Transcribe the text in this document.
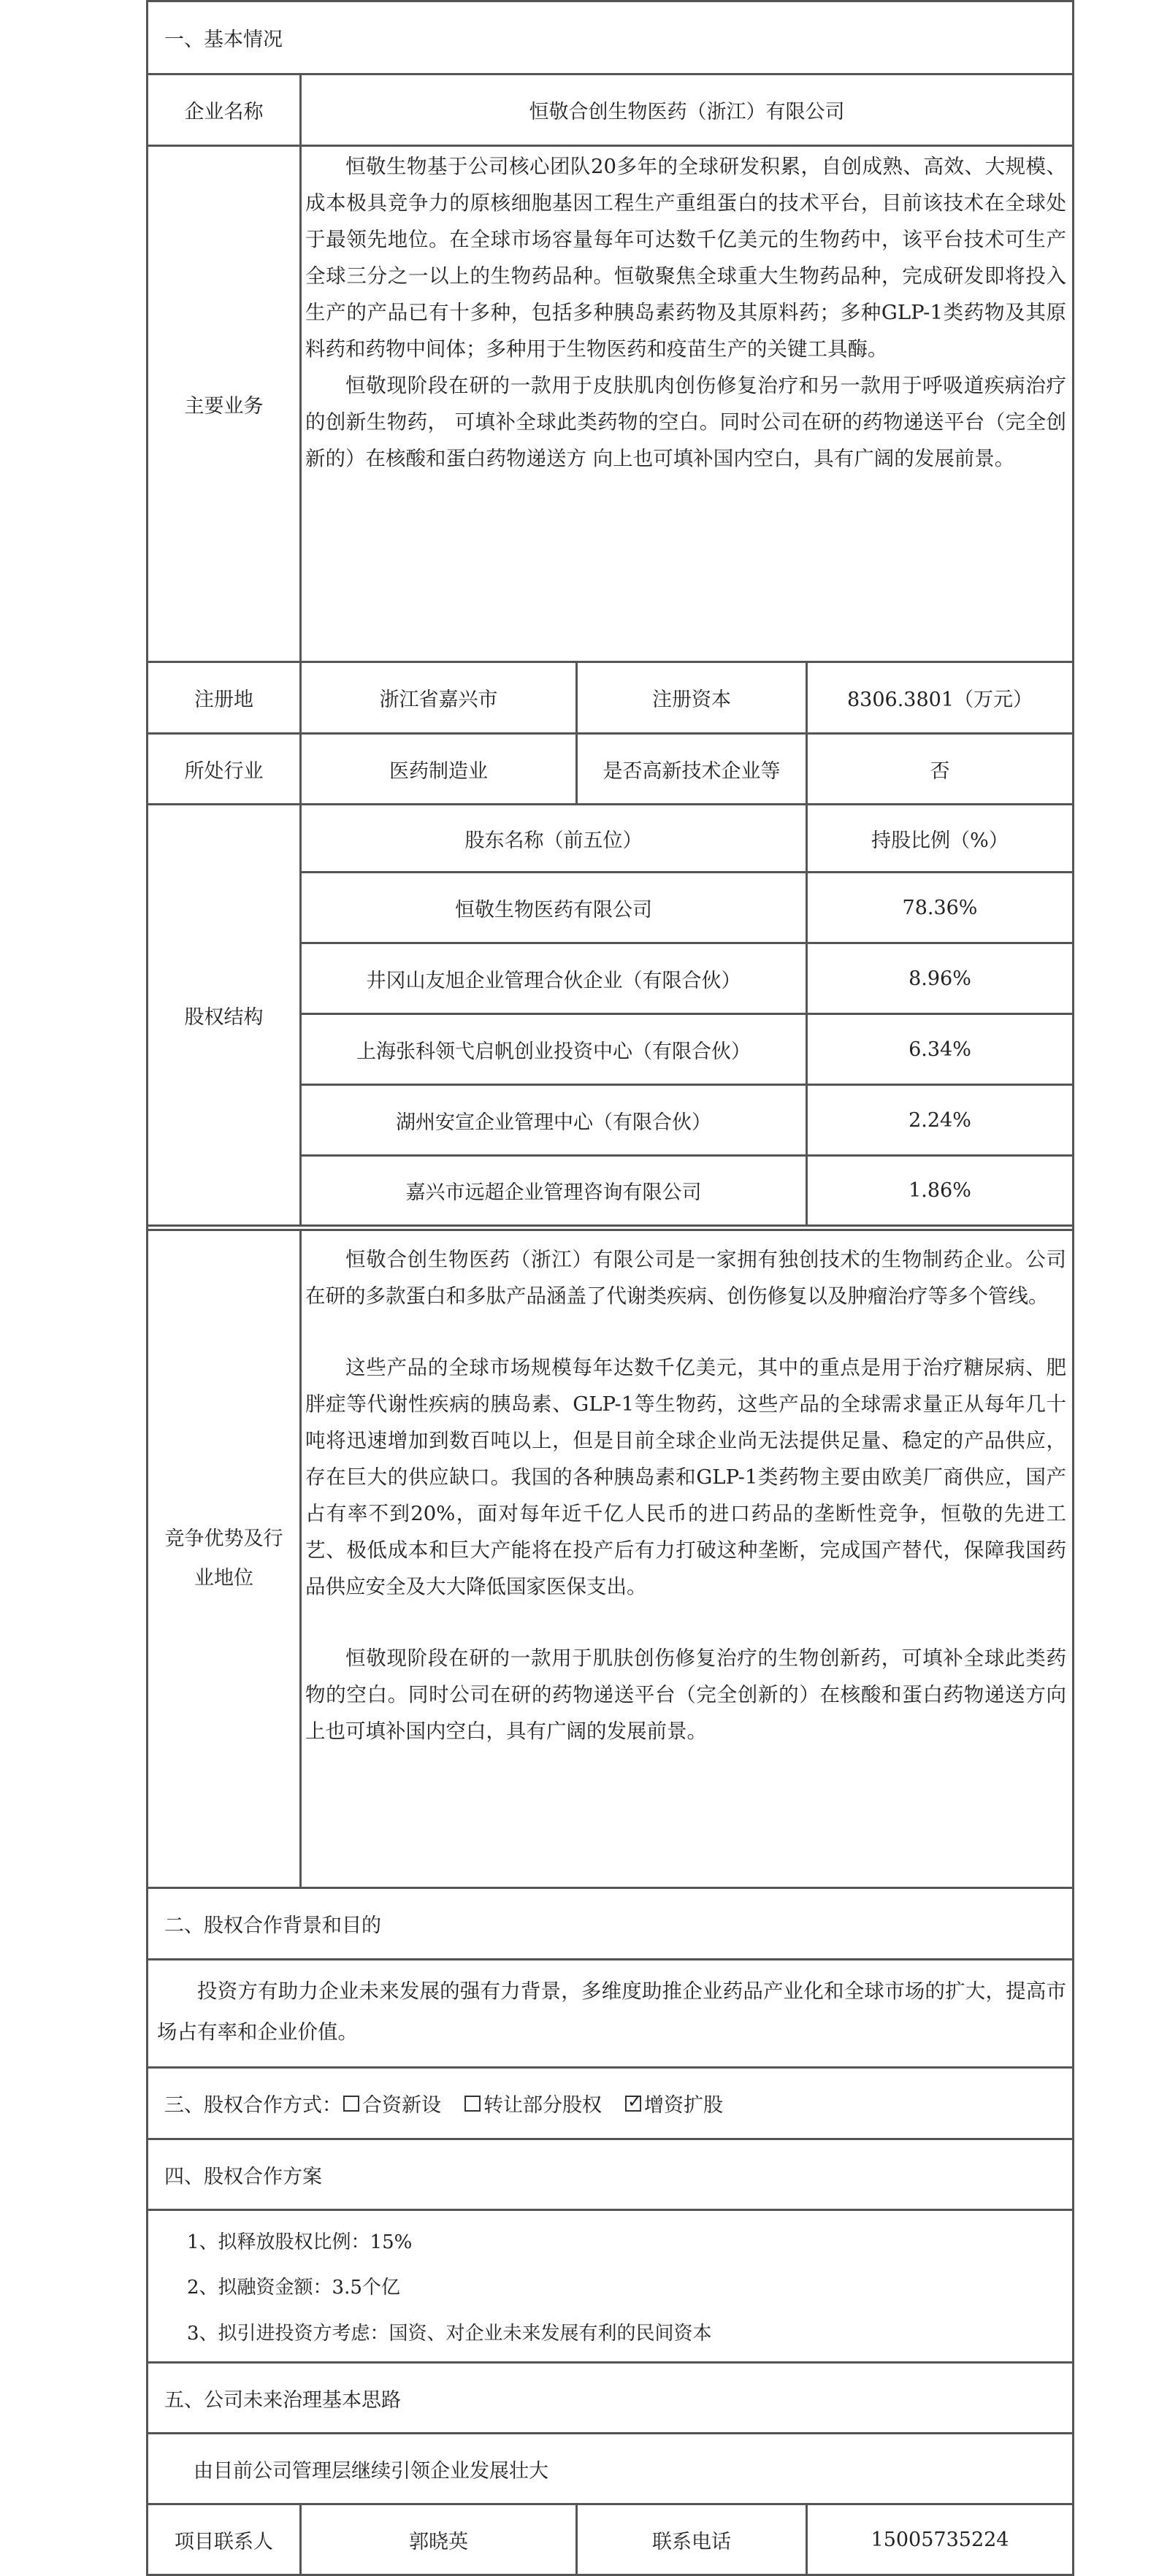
一、基本情况
企业名称	恒敬合创生物医药（浙江）有限公司
主要业务

恒敬生物基于公司核心团队20多年的全球研发积累，自创成熟、高效、大规模、成本极具竞争力的原核细胞基因工程生产重组蛋白的技术平台，目前该技术在全球处于最领先地位。在全球市场容量每年可达数千亿美元的生物药中，该平台技术可生产全球三分之一以上的生物药品种。恒敬聚焦全球重大生物药品种，完成研发即将投入生产的产品已有十多种，包括多种胰岛素药物及其原料药；多种GLP-1类药物及其原料药和药物中间体；多种用于生物医药和疫苗生产的关键工具酶。

恒敬现阶段在研的一款用于皮肤肌肉创伤修复治疗和另一款用于呼吸道疾病治疗的创新生物药， 可填补全球此类药物的空白。同时公司在研的药物递送平台（完全创新的）在核酸和蛋白药物递送方 向上也可填补国内空白，具有广阔的发展前景。

注册地	浙江省嘉兴市	注册资本	8306.3801（万元）
所处行业	医药制造业	是否高新技术企业等	否
股权结构
股东名称（前五位）	持股比例（%）
恒敬生物医药有限公司	78.36%
井冈山友旭企业管理合伙企业（有限合伙）	8.96%
上海张科领弋启帆创业投资中心（有限合伙）	6.34%
湖州安宣企业管理中心（有限合伙）	2.24%
嘉兴市远超企业管理咨询有限公司	1.86%
竞争优势及行
业地位

恒敬合创生物医药（浙江）有限公司是一家拥有独创技术的生物制药企业。公司在研的多款蛋白和多肽产品涵盖了代谢类疾病、创伤修复以及肿瘤治疗等多个管线。

这些产品的全球市场规模每年达数千亿美元，其中的重点是用于治疗糖尿病、肥胖症等代谢性疾病的胰岛素、GLP-1等生物药，这些产品的全球需求量正从每年几十吨将迅速增加到数百吨以上，但是目前全球企业尚无法提供足量、稳定的产品供应，存在巨大的供应缺口。我国的各种胰岛素和GLP-1类药物主要由欧美厂商供应，国产占有率不到20%，面对每年近千亿人民币的进口药品的垄断性竞争，恒敬的先进工艺、极低成本和巨大产能将在投产后有力打破这种垄断，完成国产替代，保障我国药品供应安全及大大降低国家医保支出。

恒敬现阶段在研的一款用于肌肤创伤修复治疗的生物创新药，可填补全球此类药物的空白。同时公司在研的药物递送平台（完全创新的）在核酸和蛋白药物递送方向上也可填补国内空白，具有广阔的发展前景。

二、股权合作背景和目的

投资方有助力企业未来发展的强有力背景，多维度助推企业药品产业化和全球市场的扩大，提高市场占有率和企业价值。

三、股权合作方式： 合资新设 转让部分股权
✓ 增资扩股
四、股权合作方案
1、拟释放股权比例：15%
2、拟融资金额：3.5个亿
3、拟引进投资方考虑：国资、对企业未来发展有利的民间资本
五、公司未来治理基本思路
由目前公司管理层继续引领企业发展壮大
项目联系人	郭晓英	联系电话	15005735224
